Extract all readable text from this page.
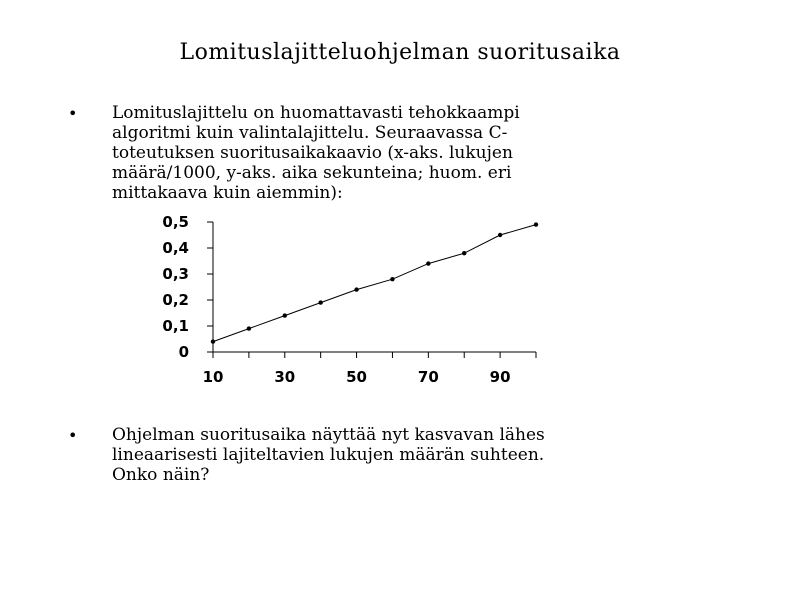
Lomituslajitteluohjelman suoritusaika
• Lomituslajittelu on huomattavasti tehokkaampi
algoritmi kuin valintalajittelu. Seuraavassa C-
toteutuksen suoritusaikakaavio (x-aks. lukujen
määrä/1000, y-aks. aika sekunteina; huom. eri
mittakaava kuin aiemmin):
0
0,1
0,2
0,3
0,4
0,5
10	30	50	70	90
• Ohjelman suoritusaika näyttää nyt kasvavan lähes
lineaarisesti lajiteltavien lukujen määrän suhteen.
Onko näin?
